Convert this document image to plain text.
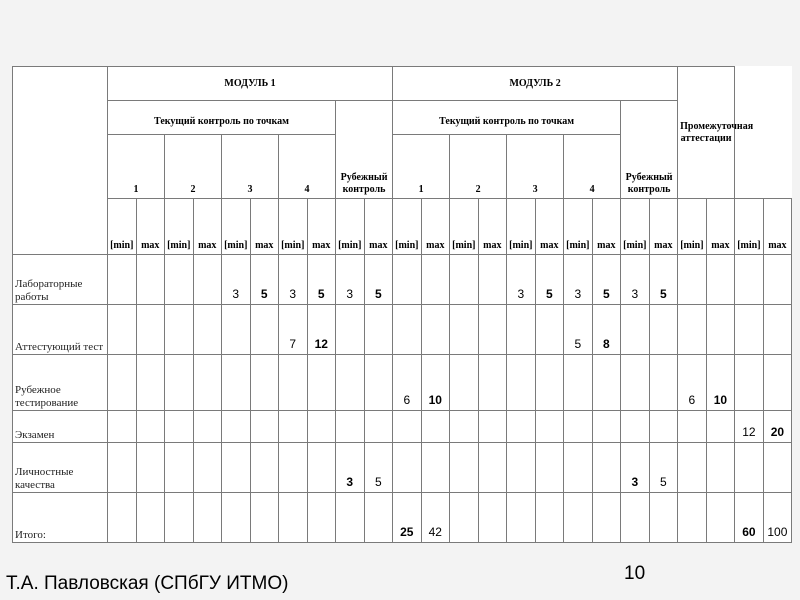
	МОДУЛЬ 1										МОДУЛЬ 2										Промежуточная аттестации			
	Текущий контроль по точкам								Рубежный контроль		Текущий контроль по точкам								Рубежный контроль					
	1		2		3		4				1		2		3		4							
	[min]	max	[min]	max	[min]	max	[min]	max	[min]	max	[min]	max	[min]	max	[min]	max	[min]	max	[min]	max	[min]	max	[min]	max
Лабораторные работы					3	5	3	5	3	5					3	5	3	5	3	5				
Аттестующий тест							7	12									5	8						
Рубежное тестирование											6	10									6	10		
Экзамен																							12	20
Личностные качества									3	5									3	5				
Итого:											25	42											60	100
Т.А. Павловская (СПбГУ ИТМО)	10
